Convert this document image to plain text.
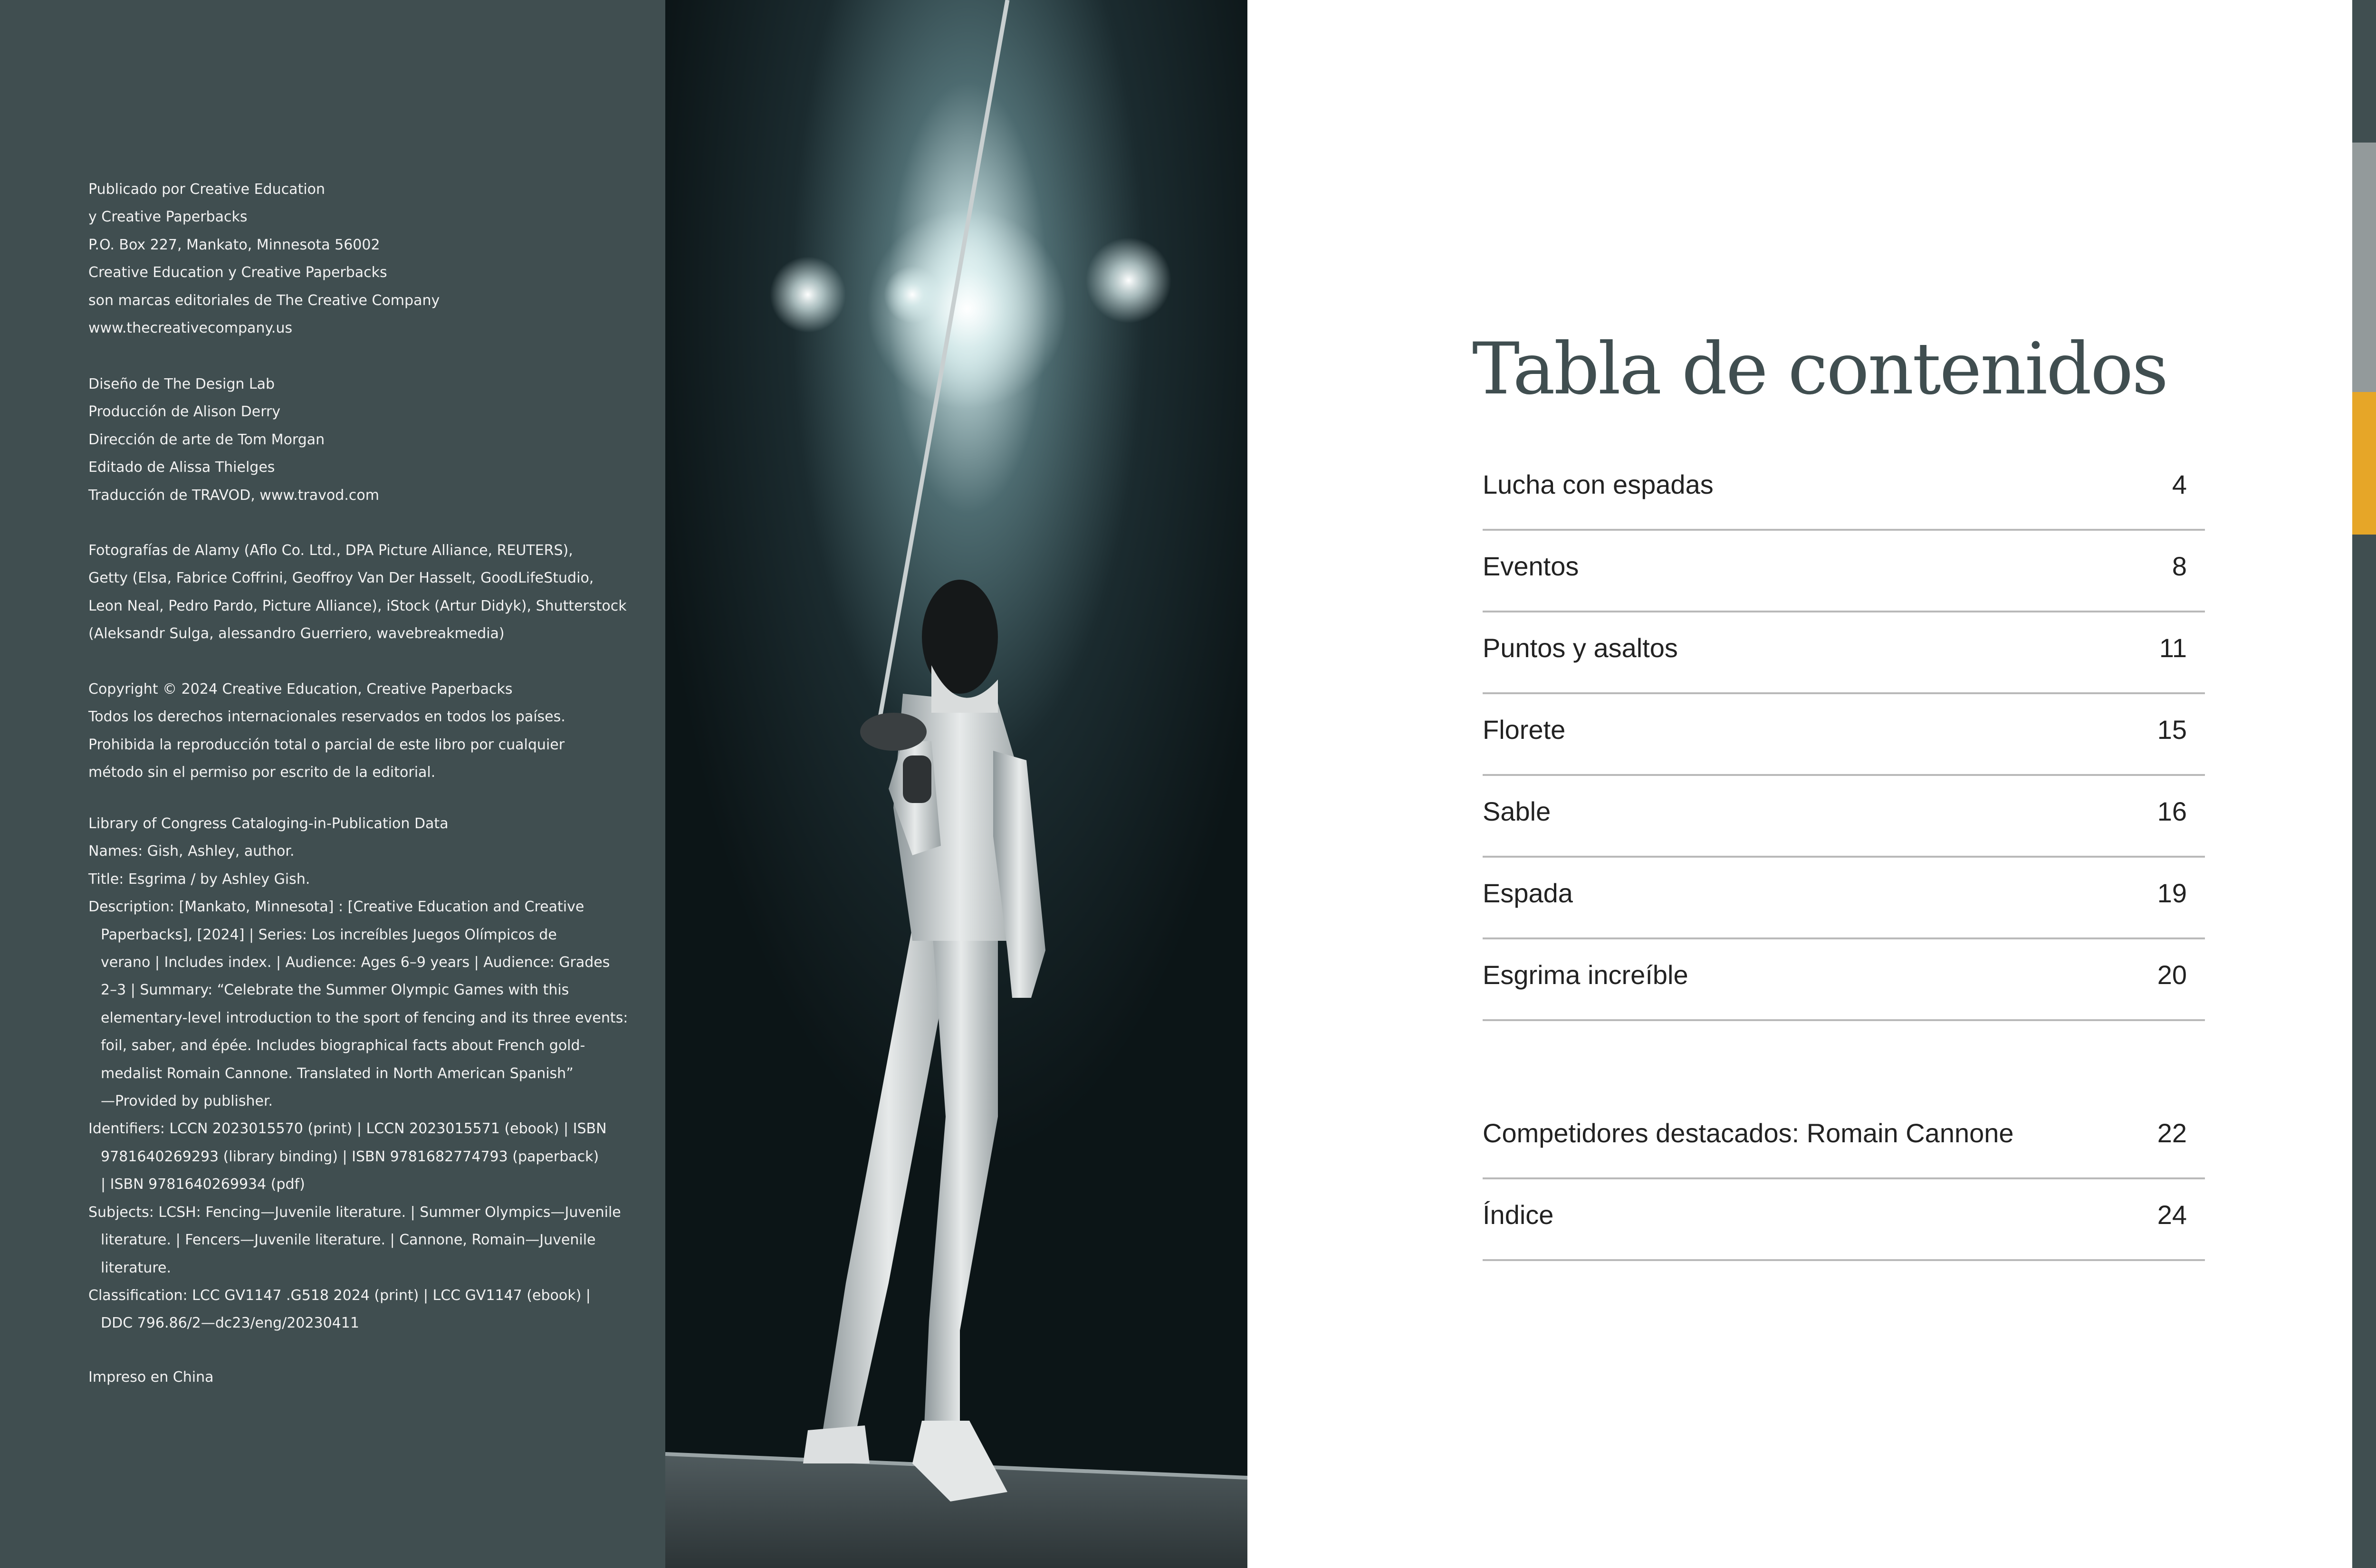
Publicado por Creative Education
y Creative Paperbacks
P.O. Box 227, Mankato, Minnesota 56002
Creative Education y Creative Paperbacks
son marcas editoriales de The Creative Company
www.thecreativecompany.us
Diseño de The Design Lab
Producción de Alison Derry
Dirección de arte de Tom Morgan
Editado de Alissa Thielges
Traducción de TRAVOD, www.travod.com
Fotografías de Alamy (Aflo Co. Ltd., DPA Picture Alliance, REUTERS),
Getty (Elsa, Fabrice Coffrini, Geoffroy Van Der Hasselt, GoodLifeStudio,
Leon Neal, Pedro Pardo, Picture Alliance), iStock (Artur Didyk), Shutterstock
(Aleksandr Sulga, alessandro Guerriero, wavebreakmedia)
Copyright © 2024 Creative Education, Creative Paperbacks
Todos los derechos internacionales reservados en todos los países.
Prohibida la reproducción total o parcial de este libro por cualquier
método sin el permiso por escrito de la editorial.
Library of Congress Cataloging-in-Publication Data
Names: Gish, Ashley, author.
Title: Esgrima / by Ashley Gish.
Description: [Mankato, Minnesota] : [Creative Education and Creative
Paperbacks], [2024] | Series: Los increíbles Juegos Olímpicos de
verano | Includes index. | Audience: Ages 6–9 years | Audience: Grades
2–3 | Summary: “Celebrate the Summer Olympic Games with this
elementary-level introduction to the sport of fencing and its three events:
foil, saber, and épée. Includes biographical facts about French gold-
medalist Romain Cannone. Translated in North American Spanish”
—Provided by publisher.
Identifiers: LCCN 2023015570 (print) | LCCN 2023015571 (ebook) | ISBN
9781640269293 (library binding) | ISBN 9781682774793 (paperback)
| ISBN 9781640269934 (pdf)
Subjects: LCSH: Fencing—Juvenile literature. | Summer Olympics—Juvenile
literature. | Fencers—Juvenile literature. | Cannone, Romain—Juvenile
literature.
Classification: LCC GV1147 .G518 2024 (print) | LCC GV1147 (ebook) |
DDC 796.86/2—dc23/eng/20230411
Impreso en China
Tabla de contenidos
Lucha con espadas	4
Eventos	8
Puntos y asaltos	11
Florete	15
Sable	16
Espada	19
Esgrima increíble	20
Competidores destacados: Romain Cannone	22
Índice	24
